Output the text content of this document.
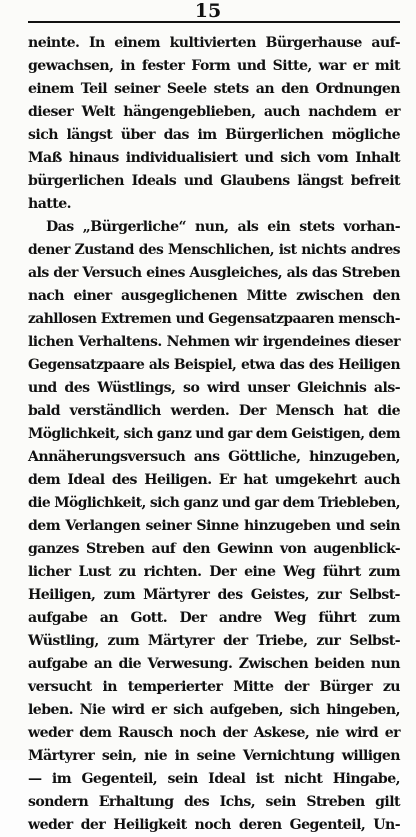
15
neinte. In einem kultivierten Bürgerhause auf-
gewachsen, in fester Form und Sitte, war er mit
einem Teil seiner Seele stets an den Ordnungen
dieser Welt hängengeblieben, auch nachdem er
sich längst über das im Bürgerlichen mögliche
Maß hinaus individualisiert und sich vom Inhalt
bürgerlichen Ideals und Glaubens längst befreit
hatte.
Das „Bürgerliche“ nun, als ein stets vorhan-
dener Zustand des Menschlichen, ist nichts andres
als der Versuch eines Ausgleiches, als das Streben
nach einer ausgeglichenen Mitte zwischen den
zahllosen Extremen und Gegensatzpaaren mensch-
lichen Verhaltens. Nehmen wir irgendeines dieser
Gegensatzpaare als Beispiel, etwa das des Heiligen
und des Wüstlings, so wird unser Gleichnis als-
bald verständlich werden. Der Mensch hat die
Möglichkeit, sich ganz und gar dem Geistigen, dem
Annäherungsversuch ans Göttliche, hinzugeben,
dem Ideal des Heiligen. Er hat umgekehrt auch
die Möglichkeit, sich ganz und gar dem Triebleben,
dem Verlangen seiner Sinne hinzugeben und sein
ganzes Streben auf den Gewinn von augenblick-
licher Lust zu richten. Der eine Weg führt zum
Heiligen, zum Märtyrer des Geistes, zur Selbst-
aufgabe an Gott. Der andre Weg führt zum
Wüstling, zum Märtyrer der Triebe, zur Selbst-
aufgabe an die Verwesung. Zwischen beiden nun
versucht in temperierter Mitte der Bürger zu
leben. Nie wird er sich aufgeben, sich hingeben,
weder dem Rausch noch der Askese, nie wird er
Märtyrer sein, nie in seine Vernichtung willigen
— im Gegenteil, sein Ideal ist nicht Hingabe,
sondern Erhaltung des Ichs, sein Streben gilt
weder der Heiligkeit noch deren Gegenteil, Un-
